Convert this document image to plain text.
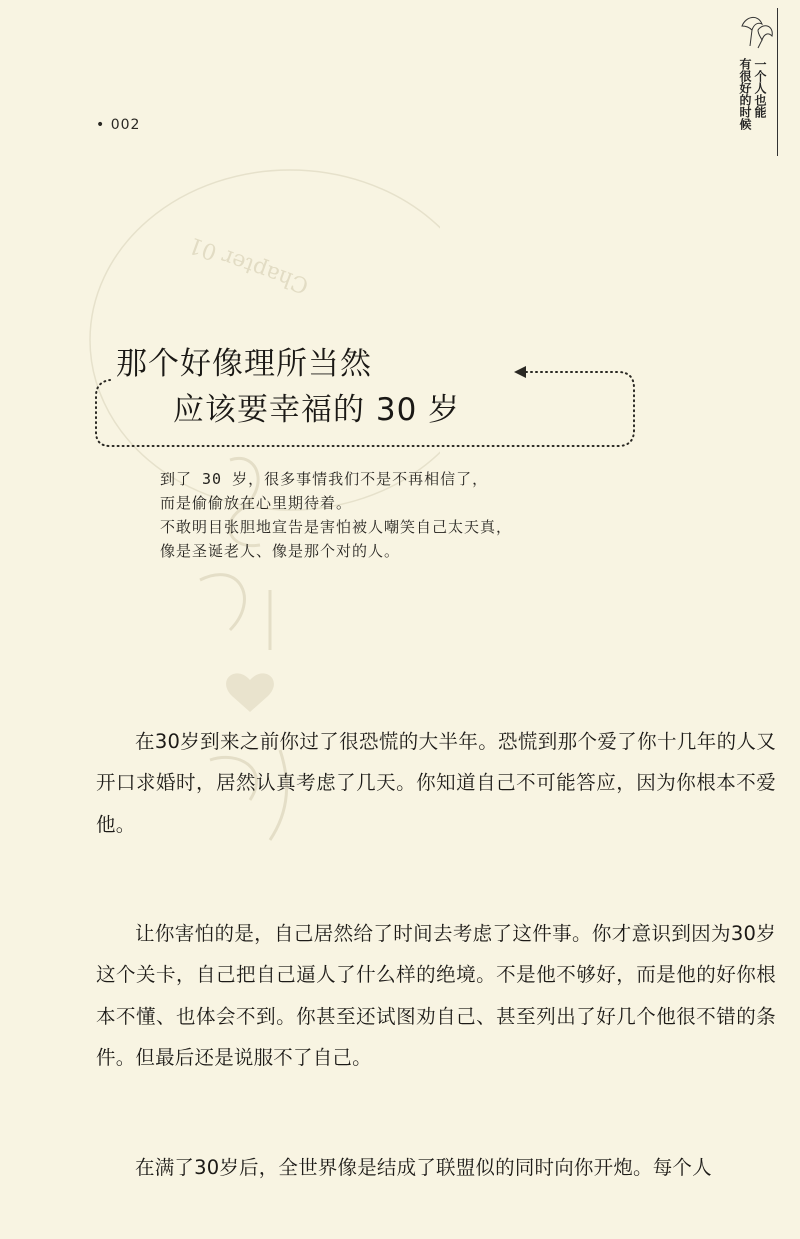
Chapter 01
• 002
一个人也能
有很好的时候
那个好像理所当然
应该要幸福的 30 岁

到了 30 岁，很多事情我们不是不再相信了，

而是偷偷放在心里期待着。

不敢明目张胆地宣告是害怕被人嘲笑自己太天真，

像是圣诞老人、像是那个对的人。

在30岁到来之前你过了很恐慌的大半年。恐慌到那个爱了你十几年的人又开口求婚时，居然认真考虑了几天。你知道自己不可能答应，因为你根本不爱他。
让你害怕的是，自己居然给了时间去考虑了这件事。你才意识到因为30岁这个关卡，自己把自己逼人了什么样的绝境。不是他不够好，而是他的好你根本不懂、也体会不到。你甚至还试图劝自己、甚至列出了好几个他很不错的条件。但最后还是说服不了自己。
在满了30岁后，全世界像是结成了联盟似的同时向你开炮。每个人
